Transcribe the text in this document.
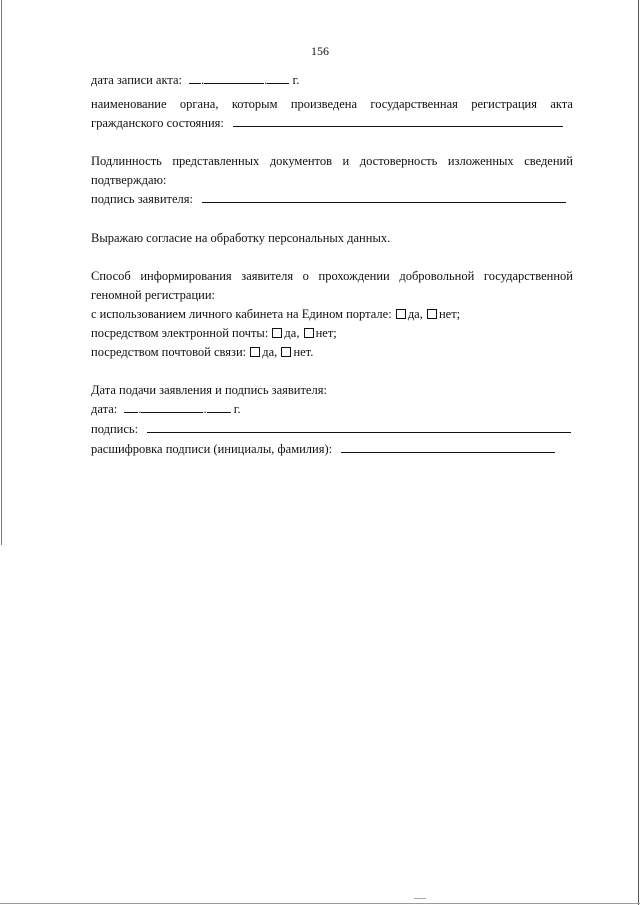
156
дата записи акта: .	. г.
наименование органа, которым произведена государственная регистрация акта
гражданского состояния:
Подлинность представленных документов и достоверность изложенных сведений
подтверждаю:
подпись заявителя:
Выражаю согласие на обработку персональных данных.
Способ информирования заявителя о прохождении добровольной государственной
геномной регистрации:
с использованием личного кабинета на Едином портале: да, нет;
посредством электронной почты: да, нет;
посредством почтовой связи: да, нет.
Дата подачи заявления и подпись заявителя:
дата: .	. г.
подпись:
расшифровка подписи (инициалы, фамилия):
